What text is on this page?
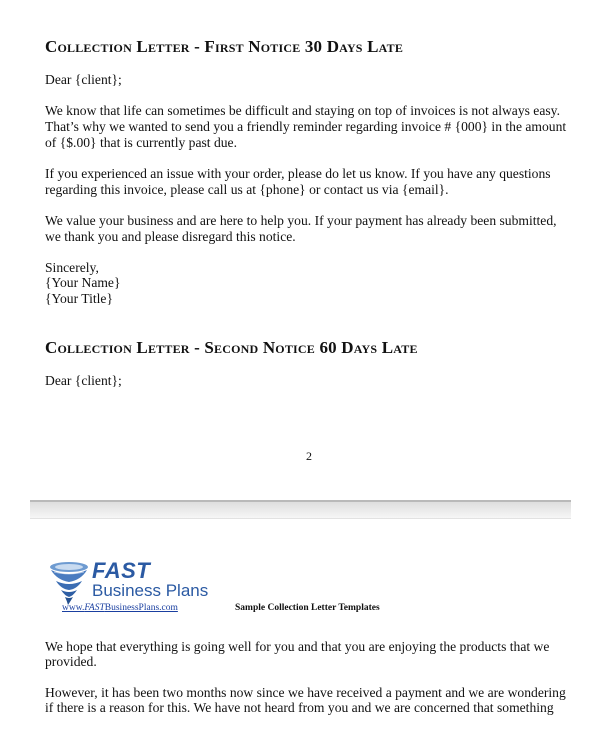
Collection Letter - First Notice 30 Days Late
Dear {client};
We know that life can sometimes be difficult and staying on top of invoices is not always easy.
That’s why we wanted to send you a friendly reminder regarding invoice # {000} in the amount
of {$.00} that is currently past due.
If you experienced an issue with your order, please do let us know. If you have any questions
regarding this invoice, please call us at {phone} or contact us via {email}.
We value your business and are here to help you. If your payment has already been submitted,
we thank you and please disregard this notice.
Sincerely,
{Your Name}
{Your Title}
Collection Letter - Second Notice 60 Days Late
Dear {client};
2
FAST
Business Plans
www.FASTBusinessPlans.com	Sample Collection Letter Templates
We hope that everything is going well for you and that you are enjoying the products that we
provided.
However, it has been two months now since we have received a payment and we are wondering
if there is a reason for this. We have not heard from you and we are concerned that something
